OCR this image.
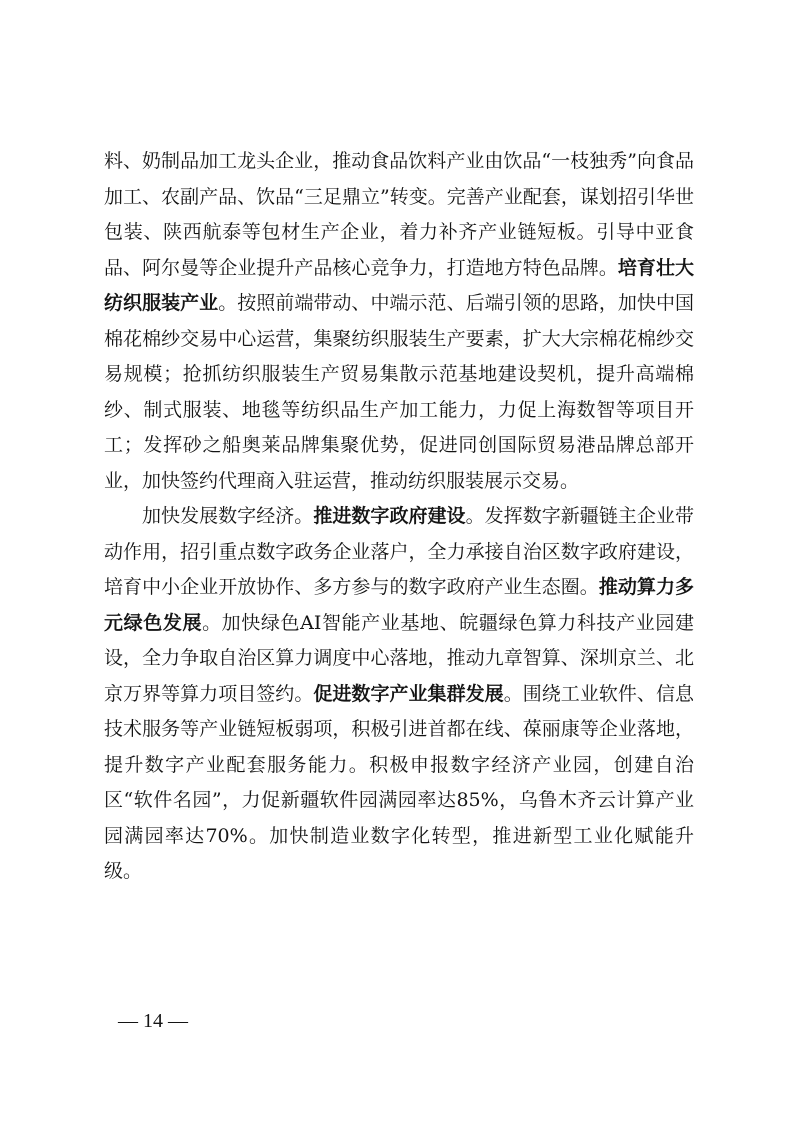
料、奶制品加工龙头企业，推动食品饮料产业由饮品“一枝独秀”向食品加工、农副产品、饮品“三足鼎立”转变。完善产业配套，谋划招引华世包装、陕西航泰等包材生产企业，着力补齐产业链短板。引导中亚食品、阿尔曼等企业提升产品核心竞争力，打造地方特色品牌。培育壮大纺织服装产业。按照前端带动、中端示范、后端引领的思路，加快中国棉花棉纱交易中心运营，集聚纺织服装生产要素，扩大大宗棉花棉纱交易规模；抢抓纺织服装生产贸易集散示范基地建设契机，提升高端棉纱、制式服装、地毯等纺织品生产加工能力，力促上海数智等项目开工；发挥砂之船奥莱品牌集聚优势，促进同创国际贸易港品牌总部开业，加快签约代理商入驻运营，推动纺织服装展示交易。

加快发展数字经济。推进数字政府建设。发挥数字新疆链主企业带动作用，招引重点数字政务企业落户，全力承接自治区数字政府建设，培育中小企业开放协作、多方参与的数字政府产业生态圈。推动算力多元绿色发展。加快绿色AI智能产业基地、皖疆绿色算力科技产业园建设，全力争取自治区算力调度中心落地，推动九章智算、深圳京兰、北京万界等算力项目签约。促进数字产业集群发展。围绕工业软件、信息技术服务等产业链短板弱项，积极引进首都在线、葆丽康等企业落地，提升数字产业配套服务能力。积极申报数字经济产业园，创建自治区“软件名园”，力促新疆软件园满园率达85%，乌鲁木齐云计算产业园满园率达70%。加快制造业数字化转型，推进新型工业化赋能升级。

— 14 —
